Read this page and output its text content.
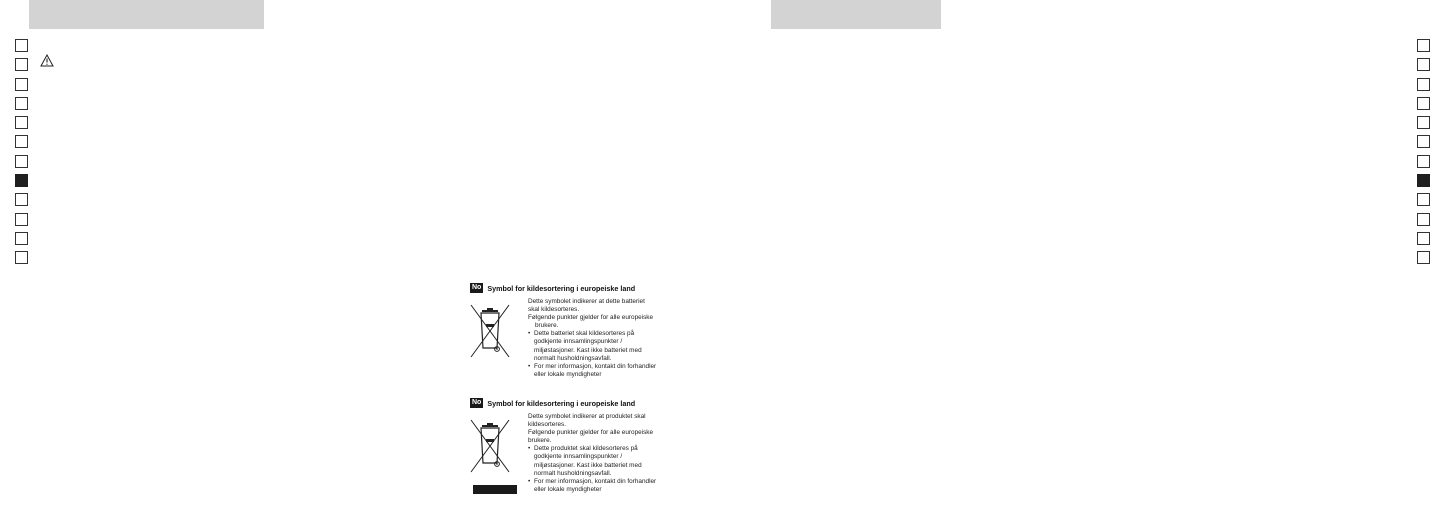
No Symbol for kildesortering i europeiske land

Dette symbolet indikerer at dette batteriet

skal kildesorteres.

Følgende punkter gjelder for alle europeiske

brukere.

• Dette batteriet skal kildesorteres på

godkjente innsamlingspunkter /

miljøstasjoner. Kast ikke batteriet med

normalt husholdningsavfall.

• For mer informasjon, kontakt din forhandler

eller lokale myndigheter

No Symbol for kildesortering i europeiske land

Dette symbolet indikerer at produktet skal

kildesorteres.

Følgende punkter gjelder for alle europeiske

brukere.

• Dette produktet skal kildesorteres på

godkjente innsamlingspunkter /

miljøstasjoner. Kast ikke batteriet med

normalt husholdningsavfall.

• For mer informasjon, kontakt din forhandler

eller lokale myndigheter
